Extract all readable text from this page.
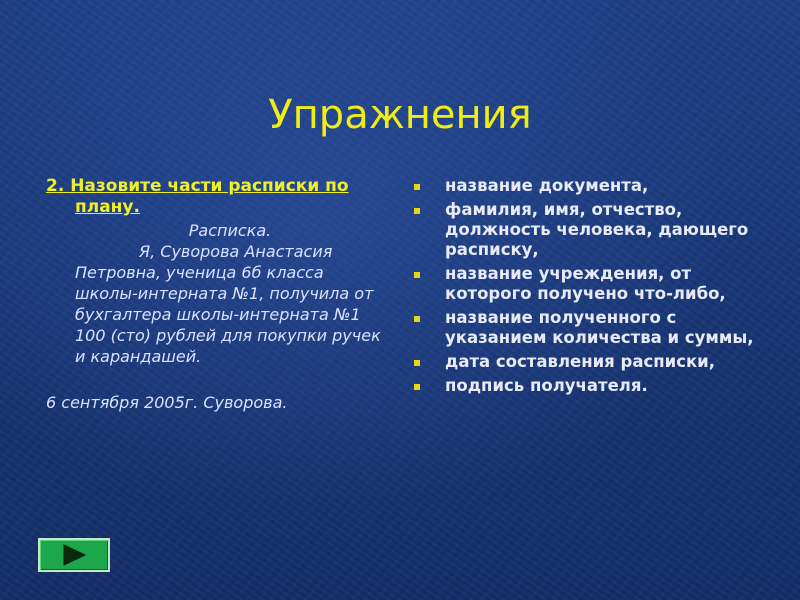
Упражнения
2. Назовите части расписки по плану.
Расписка.
Я, Суворова Анастасия Петровна, ученица 6б класса школы-интерната №1, получила от бухгалтера школы-интерната №1 100 (сто) рублей для покупки ручек и карандашей.
6 сентября 2005г. Суворова.
название документа,
фамилия, имя, отчество, должность человека, дающего расписку,
название учреждения, от которого получено что-либо,
название полученного с указанием количества и суммы,
дата составления расписки,
подпись получателя.
